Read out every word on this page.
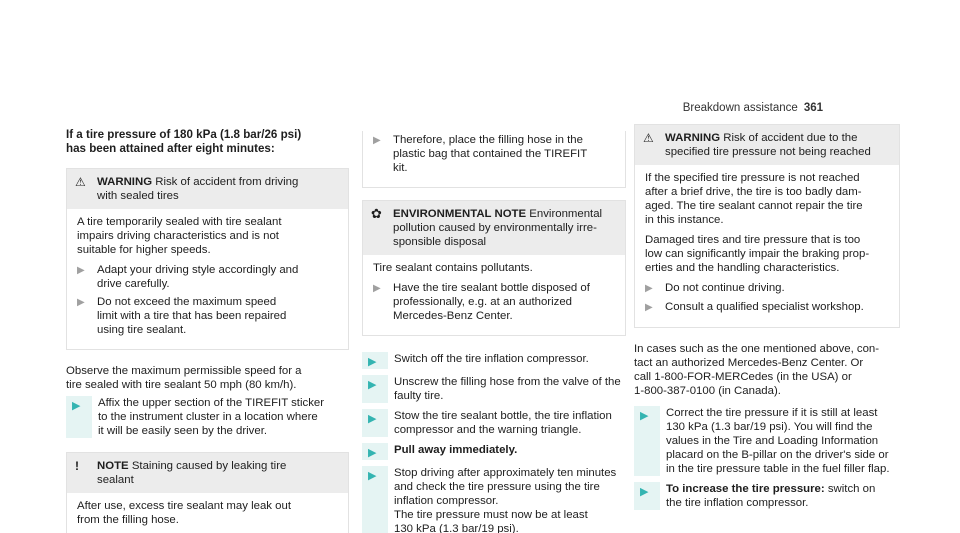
Breakdown assistance 361
If a tire pressure of 180 kPa (1.8 bar/26 psi)
has been attained after eight minutes:
⚠ WARNING Risk of accident from driving
with sealed tires
A tire temporarily sealed with tire sealant
impairs driving characteristics and is not
suitable for higher speeds.
▶	Adapt your driving style accordingly and
drive carefully.
▶	Do not exceed the maximum speed
limit with a tire that has been repaired
using tire sealant.
Observe the maximum permissible speed for a
tire sealed with tire sealant 50 mph (80 km/h).
▶	Affix the upper section of the TIREFIT sticker
to the instrument cluster in a location where
it will be easily seen by the driver.
!	NOTE Staining caused by leaking tire
sealant
After use, excess tire sealant may leak out
from the filling hose.
▶	Therefore, place the filling hose in the
plastic bag that contained the TIREFIT
kit.
✿ ENVIRONMENTAL NOTE Environmental
pollution caused by environmentally irre-
sponsible disposal
Tire sealant contains pollutants.
▶	Have the tire sealant bottle disposed of
professionally, e.g. at an authorized
Mercedes-Benz Center.
▶	Switch off the tire inflation compressor.
▶	Unscrew the filling hose from the valve of the
faulty tire.
▶	Stow the tire sealant bottle, the tire inflation
compressor and the warning triangle.
▶	Pull away immediately.
▶	Stop driving after approximately ten minutes
and check the tire pressure using the tire
inflation compressor.
The tire pressure must now be at least
130 kPa (1.3 bar/19 psi).
⚠ WARNING Risk of accident due to the
specified tire pressure not being reached
If the specified tire pressure is not reached
after a brief drive, the tire is too badly dam-
aged. The tire sealant cannot repair the tire
in this instance.
Damaged tires and tire pressure that is too
low can significantly impair the braking prop-
erties and the handling characteristics.
▶	Do not continue driving.
▶	Consult a qualified specialist workshop.
In cases such as the one mentioned above, con-
tact an authorized Mercedes-Benz Center. Or
call 1-800-FOR-MERCedes (in the USA) or
1-800-387-0100 (in Canada).
▶	Correct the tire pressure if it is still at least
130 kPa (1.3 bar/19 psi). You will find the
values in the Tire and Loading Information
placard on the B-pillar on the driver's side or
in the tire pressure table in the fuel filler flap.
▶	To increase the tire pressure: switch on
the tire inflation compressor.
